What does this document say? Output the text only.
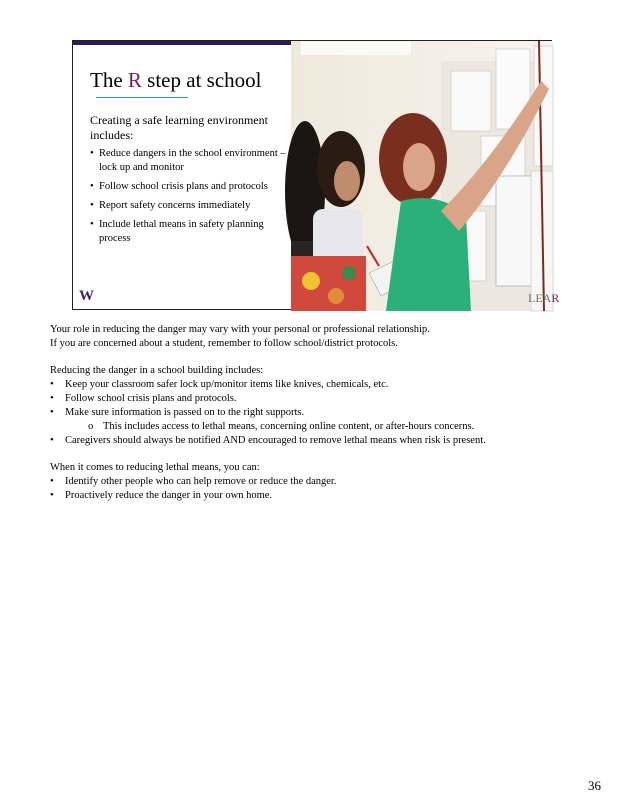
The R step at school
Creating a safe learning environment includes:
• Reduce dangers in the school environment – lock up and monitor
• Follow school crisis plans and protocols
• Report safety concerns immediately
• Include lethal means in safety planning process
W	LEAR
Your role in reducing the danger may vary with your personal or professional relationship.
If you are concerned about a student, remember to follow school/district protocols.
Reducing the danger in a school building includes:
• Keep your classroom safer lock up/monitor items like knives, chemicals, etc.
• Follow school crisis plans and protocols.
• Make sure information is passed on to the right supports.
o This includes access to lethal means, concerning online content, or after-hours concerns.
• Caregivers should always be notified AND encouraged to remove lethal means when risk is present.
When it comes to reducing lethal means, you can:
• Identify other people who can help remove or reduce the danger.
• Proactively reduce the danger in your own home.
36
